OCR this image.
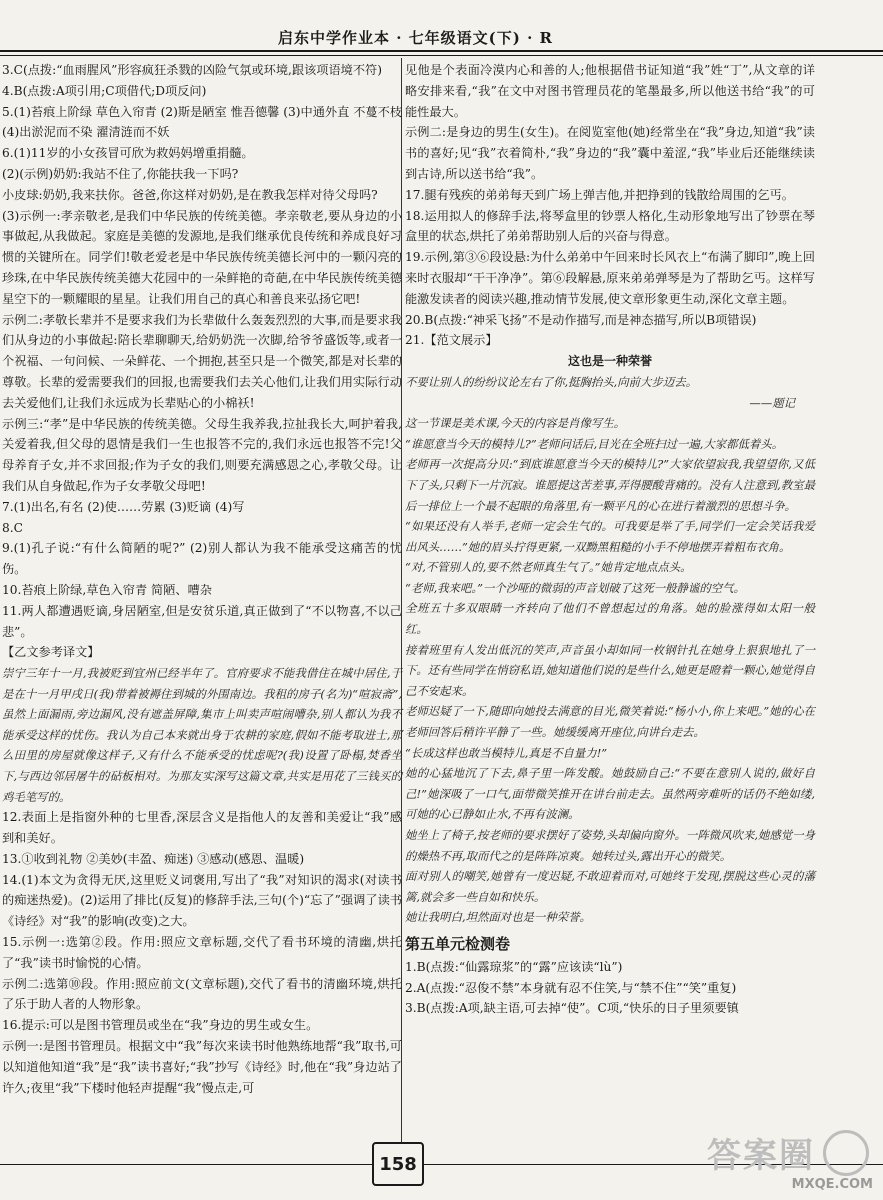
启东中学作业本 · 七年级语文(下) · R
3.C(点拨:“血雨腥风”形容疯狂杀戮的凶险气氛或环境,跟该项语境不符)
4.B(点拨:A项引用;C项借代;D项反问)
5.(1)苔痕上阶绿 草色入帘青 (2)斯是陋室 惟吾德馨 (3)中通外直 不蔓不枝 (4)出淤泥而不染 濯清涟而不妖
6.(1)11岁的小女孩冒可欣为救妈妈增重捐髓。
(2)(示例)奶奶:我站不住了,你能扶我一下吗?
小皮球:奶奶,我来扶你。爸爸,你这样对奶奶,是在教我怎样对待父母吗?
(3)示例一:孝亲敬老,是我们中华民族的传统美德。孝亲敬老,要从身边的小事做起,从我做起。家庭是美德的发源地,是我们继承优良传统和养成良好习惯的关键所在。同学们!敬老爱老是中华民族传统美德长河中的一颗闪亮的珍珠,在中华民族传统美德大花园中的一朵鲜艳的奇葩,在中华民族传统美德星空下的一颗耀眼的星星。让我们用自己的真心和善良来弘扬它吧!
示例二:孝敬长辈并不是要求我们为长辈做什么轰轰烈烈的大事,而是要求我们从身边的小事做起:陪长辈聊聊天,给奶奶洗一次脚,给爷爷盛饭等,或者一个祝福、一句问候、一朵鲜花、一个拥抱,甚至只是一个微笑,都是对长辈的尊敬。长辈的爱需要我们的回报,也需要我们去关心他们,让我们用实际行动去关爱他们,让我们永远成为长辈贴心的小棉袄!
示例三:“孝”是中华民族的传统美德。父母生我养我,拉扯我长大,呵护着我,关爱着我,但父母的恩情是我们一生也报答不完的,我们永远也报答不完!父母养育子女,并不求回报;作为子女的我们,则要充满感恩之心,孝敬父母。让我们从自身做起,作为子女孝敬父母吧!
7.(1)出名,有名 (2)使……劳累 (3)贬谪 (4)写
8.C
9.(1)孔子说:“有什么简陋的呢?” (2)别人都认为我不能承受这痛苦的忧伤。
10.苔痕上阶绿,草色入帘青 简陋、嘈杂
11.两人都遭遇贬谪,身居陋室,但是安贫乐道,真正做到了“不以物喜,不以己悲”。
【乙文参考译文】
崇宁三年十一月,我被贬到宜州已经半年了。官府要求不能我借住在城中居住,于是在十一月甲戌日(我)带着被褥住到城的外围南边。我租的房子(名为)“喧寂斋”,虽然上面漏雨,旁边漏风,没有遮盖屏障,集市上叫卖声喧闹嘈杂,别人都认为我不能承受这样的忧伤。我认为自己本来就出身于农耕的家庭,假如不能考取进士,那么田里的房屋就像这样子,又有什么不能承受的忧虑呢?(我)设置了卧榻,焚香坐下,与西边邻居屠牛的砧板相对。为那友实深写这篇文章,共实是用花了三钱买的鸡毛笔写的。
12.表面上是指窗外种的七里香,深层含义是指他人的友善和美爱让“我”感到和美好。
13.①收到礼物 ②美妙(丰盈、痴迷) ③感动(感恩、温暖)
14.(1)本文为贪得无厌,这里贬义词褒用,写出了“我”对知识的渴求(对读书的痴迷热爱)。(2)运用了排比(反复)的修辞手法,三句(个)“忘了”强调了读书《诗经》对“我”的影响(改变)之大。
15.示例一:选第②段。作用:照应文章标题,交代了看书环境的清幽,烘托了“我”读书时愉悦的心情。
示例二:选第⑩段。作用:照应前文(文章标题),交代了看书的清幽环境,烘托了乐于助人者的人物形象。
16.提示:可以是图书管理员或坐在“我”身边的男生或女生。
示例一:是图书管理员。根据文中“我”每次来读书时他熟练地帮“我”取书,可以知道他知道“我”是“我”读书喜好;“我”抄写《诗经》时,他在“我”身边站了许久;夜里“我”下楼时他轻声提醒“我”慢点走,可
见他是个表面冷漠内心和善的人;他根据借书证知道“我”姓“丁”,从文章的详略安排来看,“我”在文中对图书管理员花的笔墨最多,所以他送书给“我”的可能性最大。
示例二:是身边的男生(女生)。在阅览室他(她)经常坐在“我”身边,知道“我”读书的喜好;见“我”衣着简朴,“我”身边的“我”囊中羞涩,“我”毕业后还能继续读到古诗,所以送书给“我”。
17.腿有残疾的弟弟每天到广场上弹吉他,并把挣到的钱散给周围的乞丐。
18.运用拟人的修辞手法,将琴盒里的钞票人格化,生动形象地写出了钞票在琴盒里的状态,烘托了弟弟帮助别人后的兴奋与得意。
19.示例,第③⑥段设悬:为什么弟弟中午回来时长风衣上“布满了脚印”,晚上回来时衣服却“干干净净”。第⑥段解悬,原来弟弟弹琴是为了帮助乞丐。这样写能激发读者的阅读兴趣,推动情节发展,使文章形象更生动,深化文章主题。
20.B(点拨:“神采飞扬”不是动作描写,而是神态描写,所以B项错误)
21.【范文展示】
这也是一种荣誉
不要让别人的纷纷议论左右了你,挺胸抬头,向前大步迈去。
——题记
这一节课是美术课,今天的内容是肖像写生。
“谁愿意当今天的模特儿?”老师问话后,目光在全班扫过一遍,大家都低着头。
老师再一次提高分贝:“到底谁愿意当今天的模特儿?”大家依望寂我,我望望你,又低下了头,只剩下一片沉寂。谁愿提这苦差事,弄得腰酸背痛的。没有人注意到,教室最后一排位上一个最不起眼的角落里,有一颗平凡的心在进行着激烈的思想斗争。
“如果还没有人举手,老师一定会生气的。可我要是举了手,同学们一定会笑话我爱出风头……”她的眉头拧得更紧,一双黝黑粗糙的小手不停地摆弄着粗布衣角。
“对,不管别人的,要不然老师真生气了。”她肯定地点点头。
“老师,我来吧。”一个沙哑的微弱的声音划破了这死一般静谧的空气。
全班五十多双眼睛一齐转向了他们不曾想起过的角落。她的脸涨得如太阳一般红。
接着班里有人发出低沉的笑声,声音虽小却如同一枚钢针扎在她身上狠狠地扎了一下。还有些同学在悄窃私语,她知道他们说的是些什么,她更是瞪着一颗心,她觉得自己不安起来。
老师迟疑了一下,随即向她投去满意的目光,微笑着说:“杨小小,你上来吧。”她的心在老师回答后稍许平静了一些。她缓缓离开座位,向讲台走去。
“长成这样也敢当模特儿,真是不自量力!”
她的心猛地沉了下去,鼻子里一阵发酸。她鼓励自己:“不要在意别人说的,做好自己!”她深吸了一口气,面带微笑推开在讲台前走去。虽然两旁难听的话仍不绝如缕,可她的心已静如止水,不再有波澜。
她坐上了椅子,按老师的要求摆好了姿势,头却偏向窗外。一阵微风吹来,她感觉一身的燥热不再,取而代之的是阵阵凉爽。她转过头,露出开心的微笑。
面对别人的嘲笑,她曾有一度迟疑,不敢迎着而对,可她终于发现,摆脱这些心灵的藩篱,就会多一些自如和快乐。
她让我明白,坦然面对也是一种荣誉。
第五单元检测卷
1.B(点拨:“仙露琼浆”的“露”应该读“lù”)
2.A(点拨:“忍俊不禁”本身就有忍不住笑,与“禁不住”“笑”重复)
3.B(点拨:A项,缺主语,可去掉“使”。C项,“快乐的日子里须要镇
158	答案圈
MXQE.COM
